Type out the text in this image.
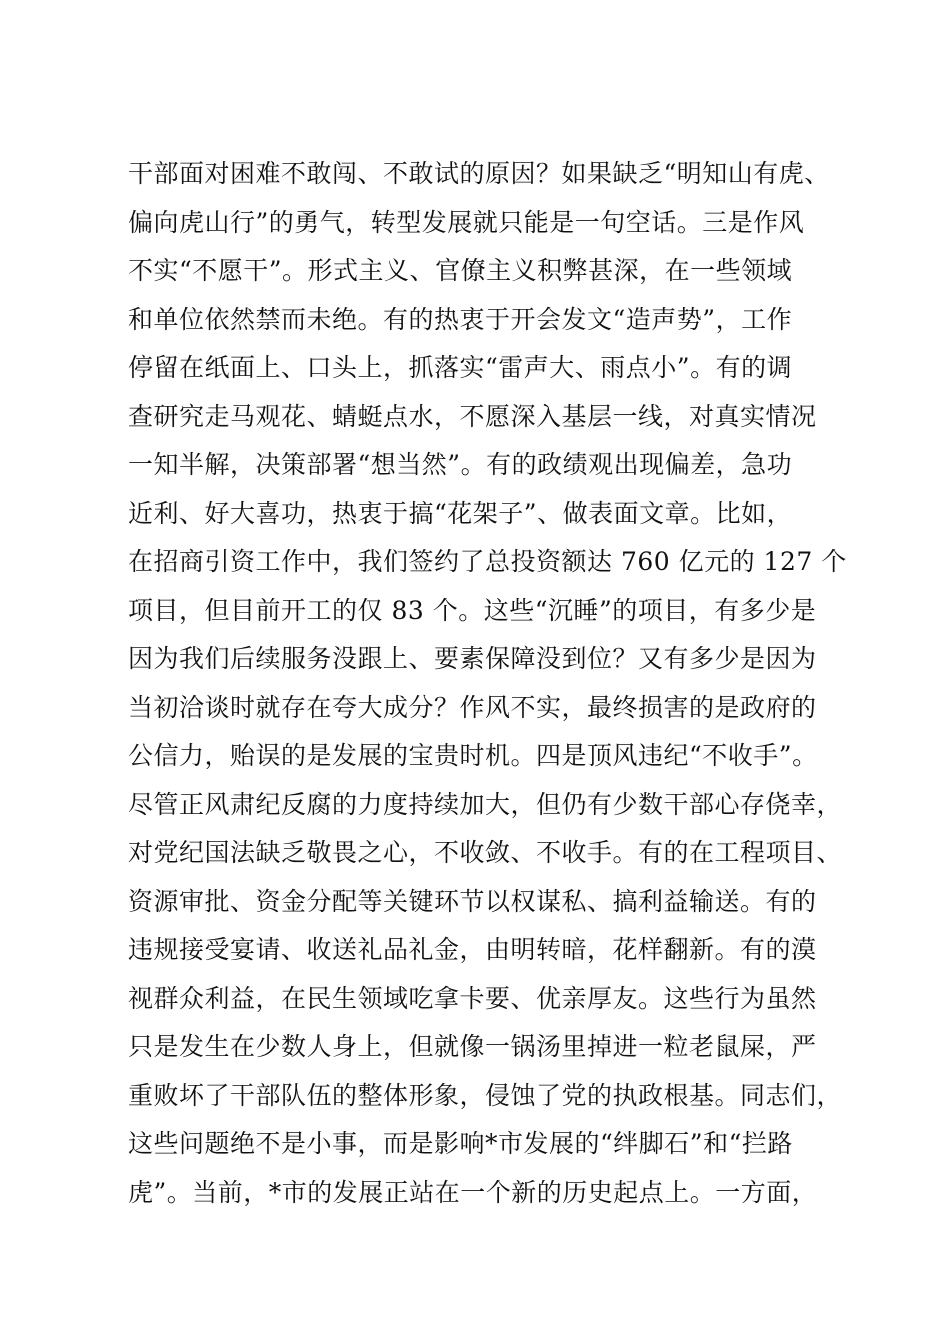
干部面对困难不敢闯、不敢试的原因？如果缺乏“明知山有虎、
偏向虎山行”的勇气，转型发展就只能是一句空话。三是作风
不实“不愿干”。形式主义、官僚主义积弊甚深，在一些领域
和单位依然禁而未绝。有的热衷于开会发文“造声势”，工作
停留在纸面上、口头上，抓落实“雷声大、雨点小”。有的调
查研究走马观花、蜻蜓点水，不愿深入基层一线，对真实情况
一知半解，决策部署“想当然”。有的政绩观出现偏差，急功
近利、好大喜功，热衷于搞“花架子”、做表面文章。比如，
在招商引资工作中，我们签约了总投资额达 760 亿元的 127 个
项目，但目前开工的仅 83 个。这些“沉睡”的项目，有多少是
因为我们后续服务没跟上、要素保障没到位？又有多少是因为
当初洽谈时就存在夸大成分？作风不实，最终损害的是政府的
公信力，贻误的是发展的宝贵时机。四是顶风违纪“不收手”。
尽管正风肃纪反腐的力度持续加大，但仍有少数干部心存侥幸，
对党纪国法缺乏敬畏之心，不收敛、不收手。有的在工程项目、
资源审批、资金分配等关键环节以权谋私、搞利益输送。有的
违规接受宴请、收送礼品礼金，由明转暗，花样翻新。有的漠
视群众利益，在民生领域吃拿卡要、优亲厚友。这些行为虽然
只是发生在少数人身上，但就像一锅汤里掉进一粒老鼠屎，严
重败坏了干部队伍的整体形象，侵蚀了党的执政根基。同志们，
这些问题绝不是小事，而是影响*市发展的“绊脚石”和“拦路
虎”。当前，*市的发展正站在一个新的历史起点上。一方面，
